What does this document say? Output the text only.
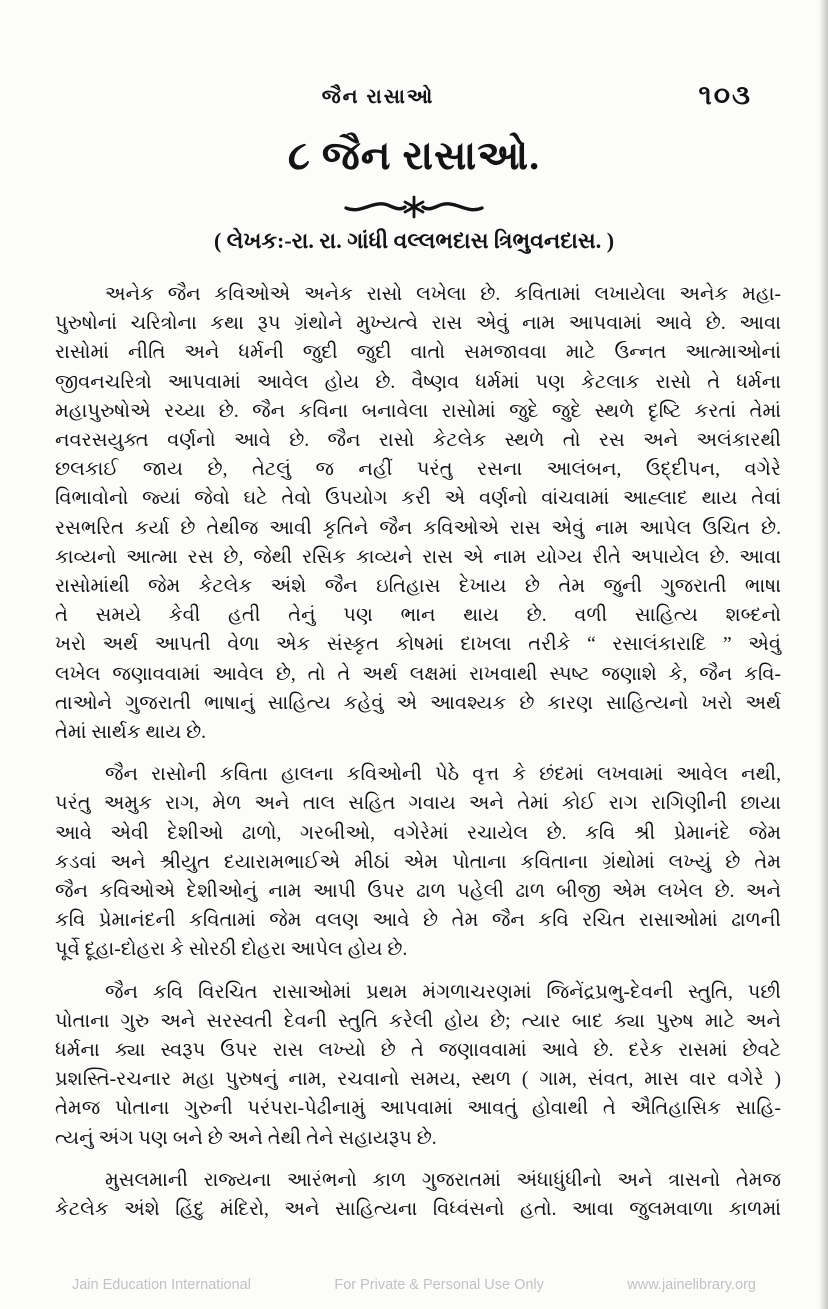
જૈન રાસાઓ	૧૦૩
૮ જૈન રાસાઓ.
( લેખક:-રા. રા. ગાંધી વલ્લભદાસ ત્રિભુવનદાસ. )
અનેક જૈન કવિઓએ અનેક રાસો લખેલા છે. કવિતામાં લખાયેલા અનેક મહા-
પુરુષોનાં ચરિત્રોના કથા રૂપ ગ્રંથોને મુખ્યત્વે રાસ એવું નામ આપવામાં આવે છે. આવા
રાસોમાં નીતિ અને ધર્મની જુદી જુદી વાતો સમજાવવા માટે ઉન્નત આત્માઓનાં
જીવનચરિત્રો આપવામાં આવેલ હોય છે. વૈષ્ણવ ધર્મમાં પણ કેટલાક રાસો તે ધર્મના
મહાપુરુષોએ રચ્યા છે. જૈન કવિના બનાવેલા રાસોમાં જુદે જુદે સ્થળે દૃષ્ટિ કરતાં તેમાં
નવરસયુક્ત વર્ણનો આવે છે. જૈન રાસો કેટલેક સ્થળે તો રસ અને અલંકારથી
છલકાઈ જાય છે, તેટલું જ નહીં પરંતુ રસના આલંબન, ઉદ્દીપન, વગેરે
વિભાવોનો જ્યાં જેવો ઘટે તેવો ઉપયોગ કરી એ વર્ણનો વાંચવામાં આહ્લાદ થાય તેવાં
રસભરિત કર્યા છે તેથીજ આવી કૃતિને જૈન કવિઓએ રાસ એવું નામ આપેલ ઉચિત છે.
કાવ્યનો આત્મા રસ છે, જેથી રસિક કાવ્યને રાસ એ નામ યોગ્ય રીતે અપાયેલ છે. આવા
રાસોમાંથી જેમ કેટલેક અંશે જૈન ઇતિહાસ દેખાય છે તેમ જુની ગુજરાતી ભાષા
તે સમયે કેવી હતી તેનું પણ ભાન થાય છે. વળી સાહિત્ય શબ્દનો
ખરો અર્થ આપતી વેળા એક સંસ્કૃત કોષમાં દાખલા તરીકે “ રસાલંકારાદિ ” એવું
લખેલ જણાવવામાં આવેલ છે, તો તે અર્થ લક્ષમાં રાખવાથી સ્પષ્ટ જણાશે કે, જૈન કવિ-
તાઓને ગુજરાતી ભાષાનું સાહિત્ય કહેવું એ આવશ્યક છે કારણ સાહિત્યનો ખરો અર્થ
તેમાં સાર્થક થાય છે.
જૈન રાસોની કવિતા હાલના કવિઓની પેઠે વૃત્ત કે છંદમાં લખવામાં આવેલ નથી,
પરંતુ અમુક રાગ, મેળ અને તાલ સહિત ગવાય અને તેમાં કોઈ રાગ રાગિણીની છાયા
આવે એવી દેશીઓ ઢાળો, ગરબીઓ, વગેરેમાં રચાયેલ છે. કવિ શ્રી પ્રેમાનંદે જેમ
કડવાં અને શ્રીયુત દયારામભાઈએ મીઠાં એમ પોતાના કવિતાના ગ્રંથોમાં લખ્યું છે તેમ
જૈન કવિઓએ દેશીઓનું નામ આપી ઉપર ઢાળ પહેલી ઢાળ બીજી એમ લખેલ છે. અને
કવિ પ્રેમાનંદની કવિતામાં જેમ વલણ આવે છે તેમ જૈન કવિ રચિત રાસાઓમાં ઢાળની
પૂર્વે દૂહા-દોહરા કે સોરઠી દોહરા આપેલ હોય છે.
જૈન કવિ વિરચિત રાસાઓમાં પ્રથમ મંગળાચરણમાં જિનેંદ્રપ્રભુ-દેવની સ્તુતિ, પછી
પોતાના ગુરુ અને સરસ્વતી દેવની સ્તુતિ કરેલી હોય છે; ત્યાર બાદ ક્યા પુરુષ માટે અને
ધર્મના ક્યા સ્વરૂપ ઉપર રાસ લખ્યો છે તે જણાવવામાં આવે છે. દરેક રાસમાં છેવટે
પ્રશસ્તિ-રચનાર મહા પુરુષનું નામ, રચવાનો સમય, સ્થળ ( ગામ, સંવત, માસ વાર વગેરે )
તેમજ પોતાના ગુરુની પરંપરા-પેઢીનામું આપવામાં આવતું હોવાથી તે ઐતિહાસિક સાહિ-
ત્યનું અંગ પણ બને છે અને તેથી તેને સહાયરૂપ છે.
મુસલમાની રાજ્યના આરંભનો કાળ ગુજરાતમાં અંધાધુંધીનો અને ત્રાસનો તેમજ
કેટલેક અંશે હિંદુ મંદિરો, અને સાહિત્યના વિધ્વંસનો હતો. આવા જુલમવાળા કાળમાં
Jain Education International	For Private & Personal Use Only	www.jainelibrary.org
